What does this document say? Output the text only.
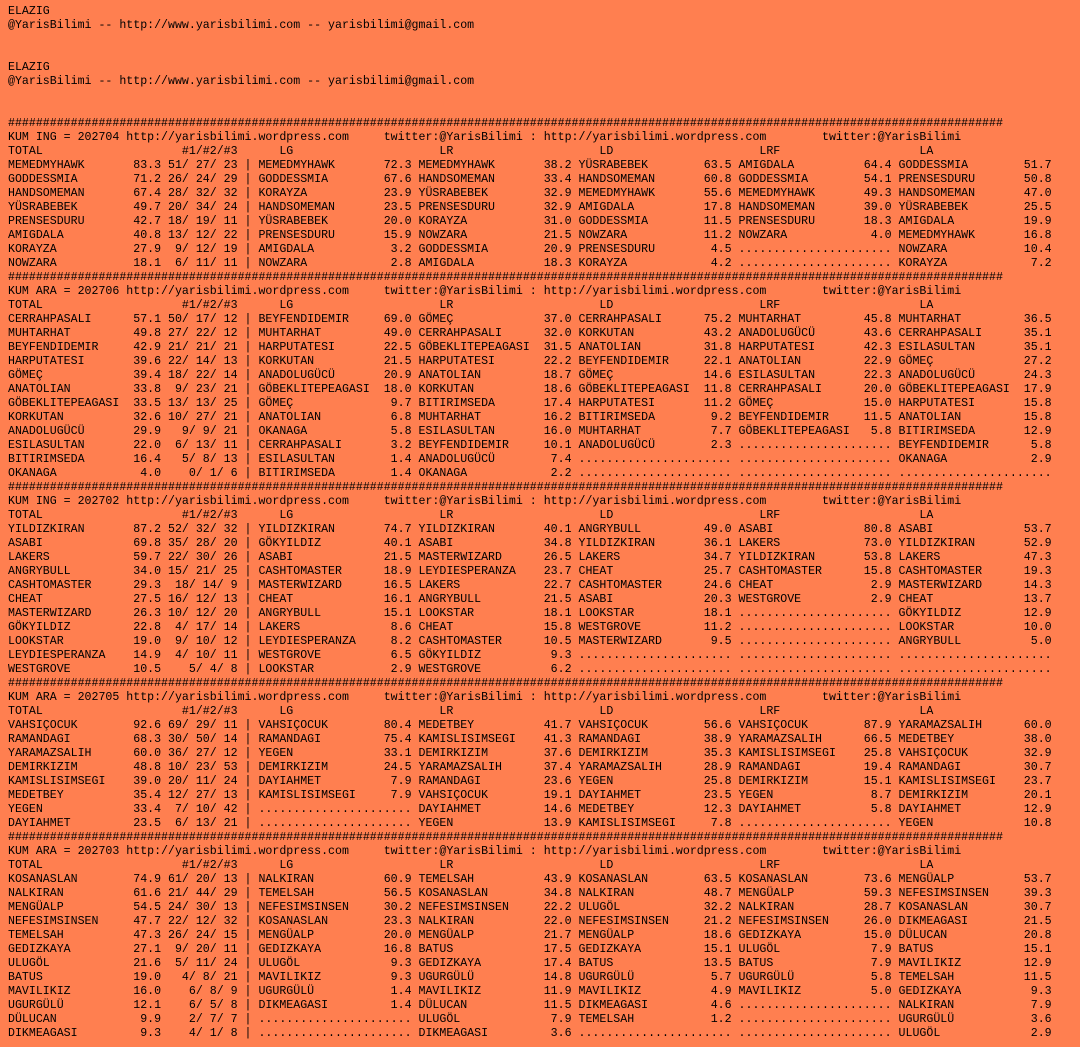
ELAZIG
@YarisBilimi -- http://www.yarisbilimi.com -- yarisbilimi@gmail.com

ELAZIG
@YarisBilimi -- http://www.yarisbilimi.com -- yarisbilimi@gmail.com

###############################################################################################################################################
KUM ING = 202704 http://yarisbilimi.wordpress.com     twitter:@YarisBilimi : http://yarisbilimi.wordpress.com        twitter:@YarisBilimi
TOTAL                    #1/#2/#3      LG                     LR                     LD                     LRF                    LA
MEMEDMYHAWK       83.3 51/ 27/ 23 | MEMEDMYHAWK       72.3 MEMEDMYHAWK       38.2 YÜSRABEBEK        63.5 AMIGDALA          64.4 GODDESSMIA        51.7
GODDESSMIA        71.2 26/ 24/ 29 | GODDESSMIA        67.6 HANDSOMEMAN       33.4 HANDSOMEMAN       60.8 GODDESSMIA        54.1 PRENSESDURU       50.8
HANDSOMEMAN       67.4 28/ 32/ 32 | KORAYZA           23.9 YÜSRABEBEK        32.9 MEMEDMYHAWK       55.6 MEMEDMYHAWK       49.3 HANDSOMEMAN       47.0
YÜSRABEBEK        49.7 20/ 34/ 24 | HANDSOMEMAN       23.5 PRENSESDURU       32.9 AMIGDALA          17.8 HANDSOMEMAN       39.0 YÜSRABEBEK        25.5
PRENSESDURU       42.7 18/ 19/ 11 | YÜSRABEBEK        20.0 KORAYZA           31.0 GODDESSMIA        11.5 PRENSESDURU       18.3 AMIGDALA          19.9
AMIGDALA          40.8 13/ 12/ 22 | PRENSESDURU       15.9 NOWZARA           21.5 NOWZARA           11.2 NOWZARA            4.0 MEMEDMYHAWK       16.8
KORAYZA           27.9  9/ 12/ 19 | AMIGDALA           3.2 GODDESSMIA        20.9 PRENSESDURU        4.5 ...................... NOWZARA           10.4
NOWZARA           18.1  6/ 11/ 11 | NOWZARA            2.8 AMIGDALA          18.3 KORAYZA            4.2 ...................... KORAYZA            7.2
###############################################################################################################################################
KUM ARA = 202706 http://yarisbilimi.wordpress.com     twitter:@YarisBilimi : http://yarisbilimi.wordpress.com        twitter:@YarisBilimi
TOTAL                    #1/#2/#3      LG                     LR                     LD                     LRF                    LA
CERRAHPASALI      57.1 50/ 17/ 12 | BEYFENDIDEMIR     69.0 GÖMEÇ             37.0 CERRAHPASALI      75.2 MUHTARHAT         45.8 MUHTARHAT         36.5
MUHTARHAT         49.8 27/ 22/ 12 | MUHTARHAT         49.0 CERRAHPASALI      32.0 KORKUTAN          43.2 ANADOLUGÜCÜ       43.6 CERRAHPASALI      35.1
BEYFENDIDEMIR     42.9 21/ 21/ 21 | HARPUTATESI       22.5 GÖBEKLITEPEAGASI  31.5 ANATOLIAN         31.8 HARPUTATESI       42.3 ESILASULTAN       35.1
HARPUTATESI       39.6 22/ 14/ 13 | KORKUTAN          21.5 HARPUTATESI       22.2 BEYFENDIDEMIR     22.1 ANATOLIAN         22.9 GÖMEÇ             27.2
GÖMEÇ             39.4 18/ 22/ 14 | ANADOLUGÜCÜ       20.9 ANATOLIAN         18.7 GÖMEÇ             14.6 ESILASULTAN       22.3 ANADOLUGÜCÜ       24.3
ANATOLIAN         33.8  9/ 23/ 21 | GÖBEKLITEPEAGASI  18.0 KORKUTAN          18.6 GÖBEKLITEPEAGASI  11.8 CERRAHPASALI      20.0 GÖBEKLITEPEAGASI  17.9
GÖBEKLITEPEAGASI  33.5 13/ 13/ 25 | GÖMEÇ              9.7 BITIRIMSEDA       17.4 HARPUTATESI       11.2 GÖMEÇ             15.0 HARPUTATESI       15.8
KORKUTAN          32.6 10/ 27/ 21 | ANATOLIAN          6.8 MUHTARHAT         16.2 BITIRIMSEDA        9.2 BEYFENDIDEMIR     11.5 ANATOLIAN         15.8
ANADOLUGÜCÜ       29.9   9/ 9/ 21 | OKANAGA            5.8 ESILASULTAN       16.0 MUHTARHAT          7.7 GÖBEKLITEPEAGASI   5.8 BITIRIMSEDA       12.9
ESILASULTAN       22.0  6/ 13/ 11 | CERRAHPASALI       3.2 BEYFENDIDEMIR     10.1 ANADOLUGÜCÜ        2.3 ...................... BEYFENDIDEMIR      5.8
BITIRIMSEDA       16.4   5/ 8/ 13 | ESILASULTAN        1.4 ANADOLUGÜCÜ        7.4 ...................... ...................... OKANAGA            2.9
OKANAGA            4.0    0/ 1/ 6 | BITIRIMSEDA        1.4 OKANAGA            2.2 ...................... ...................... ......................
###############################################################################################################################################
KUM ING = 202702 http://yarisbilimi.wordpress.com     twitter:@YarisBilimi : http://yarisbilimi.wordpress.com        twitter:@YarisBilimi
TOTAL                    #1/#2/#3      LG                     LR                     LD                     LRF                    LA
YILDIZKIRAN       87.2 52/ 32/ 32 | YILDIZKIRAN       74.7 YILDIZKIRAN       40.1 ANGRYBULL         49.0 ASABI             80.8 ASABI             53.7
ASABI             69.8 35/ 28/ 20 | GÖKYILDIZ         40.1 ASABI             34.8 YILDIZKIRAN       36.1 LAKERS            73.0 YILDIZKIRAN       52.9
LAKERS            59.7 22/ 30/ 26 | ASABI             21.5 MASTERWIZARD      26.5 LAKERS            34.7 YILDIZKIRAN       53.8 LAKERS            47.3
ANGRYBULL         34.0 15/ 21/ 25 | CASHTOMASTER      18.9 LEYDIESPERANZA    23.7 CHEAT             25.7 CASHTOMASTER      15.8 CASHTOMASTER      19.3
CASHTOMASTER      29.3  18/ 14/ 9 | MASTERWIZARD      16.5 LAKERS            22.7 CASHTOMASTER      24.6 CHEAT              2.9 MASTERWIZARD      14.3
CHEAT             27.5 16/ 12/ 13 | CHEAT             16.1 ANGRYBULL         21.5 ASABI             20.3 WESTGROVE          2.9 CHEAT             13.7
MASTERWIZARD      26.3 10/ 12/ 20 | ANGRYBULL         15.1 LOOKSTAR          18.1 LOOKSTAR          18.1 ...................... GÖKYILDIZ         12.9
GÖKYILDIZ         22.8  4/ 17/ 14 | LAKERS             8.6 CHEAT             15.8 WESTGROVE         11.2 ...................... LOOKSTAR          10.0
LOOKSTAR          19.0  9/ 10/ 12 | LEYDIESPERANZA     8.2 CASHTOMASTER      10.5 MASTERWIZARD       9.5 ...................... ANGRYBULL          5.0
LEYDIESPERANZA    14.9  4/ 10/ 11 | WESTGROVE          6.5 GÖKYILDIZ          9.3 ...................... ...................... ......................
WESTGROVE         10.5    5/ 4/ 8 | LOOKSTAR           2.9 WESTGROVE          6.2 ...................... ...................... ......................
###############################################################################################################################################
KUM ARA = 202705 http://yarisbilimi.wordpress.com     twitter:@YarisBilimi : http://yarisbilimi.wordpress.com        twitter:@YarisBilimi
TOTAL                    #1/#2/#3      LG                     LR                     LD                     LRF                    LA
VAHSIÇOCUK        92.6 69/ 29/ 11 | VAHSIÇOCUK        80.4 MEDETBEY          41.7 VAHSIÇOCUK        56.6 VAHSIÇOCUK        87.9 YARAMAZSALIH      60.0
RAMANDAGI         68.3 30/ 50/ 14 | RAMANDAGI         75.4 KAMISLISIMSEGI    41.3 RAMANDAGI         38.9 YARAMAZSALIH      66.5 MEDETBEY          38.0
YARAMAZSALIH      60.0 36/ 27/ 12 | YEGEN             33.1 DEMIRKIZIM        37.6 DEMIRKIZIM        35.3 KAMISLISIMSEGI    25.8 VAHSIÇOCUK        32.9
DEMIRKIZIM        48.8 10/ 23/ 53 | DEMIRKIZIM        24.5 YARAMAZSALIH      37.4 YARAMAZSALIH      28.9 RAMANDAGI         19.4 RAMANDAGI         30.7
KAMISLISIMSEGI    39.0 20/ 11/ 24 | DAYIAHMET          7.9 RAMANDAGI         23.6 YEGEN             25.8 DEMIRKIZIM        15.1 KAMISLISIMSEGI    23.7
MEDETBEY          35.4 12/ 27/ 13 | KAMISLISIMSEGI     7.9 VAHSIÇOCUK        19.1 DAYIAHMET         23.5 YEGEN              8.7 DEMIRKIZIM        20.1
YEGEN             33.4  7/ 10/ 42 | ...................... DAYIAHMET         14.6 MEDETBEY          12.3 DAYIAHMET          5.8 DAYIAHMET         12.9
DAYIAHMET         23.5  6/ 13/ 21 | ...................... YEGEN             13.9 KAMISLISIMSEGI     7.8 ...................... YEGEN             10.8
###############################################################################################################################################
KUM ARA = 202703 http://yarisbilimi.wordpress.com     twitter:@YarisBilimi : http://yarisbilimi.wordpress.com        twitter:@YarisBilimi
TOTAL                    #1/#2/#3      LG                     LR                     LD                     LRF                    LA
KOSANASLAN        74.9 61/ 20/ 13 | NALKIRAN          60.9 TEMELSAH          43.9 KOSANASLAN        63.5 KOSANASLAN        73.6 MENGÜALP          53.7
NALKIRAN          61.6 21/ 44/ 29 | TEMELSAH          56.5 KOSANASLAN        34.8 NALKIRAN          48.7 MENGÜALP          59.3 NEFESIMSINSEN     39.3
MENGÜALP          54.5 24/ 30/ 13 | NEFESIMSINSEN     30.2 NEFESIMSINSEN     22.2 ULUGÖL            32.2 NALKIRAN          28.7 KOSANASLAN        30.7
NEFESIMSINSEN     47.7 22/ 12/ 32 | KOSANASLAN        23.3 NALKIRAN          22.0 NEFESIMSINSEN     21.2 NEFESIMSINSEN     26.0 DIKMEAGASI        21.5
TEMELSAH          47.3 26/ 24/ 15 | MENGÜALP          20.0 MENGÜALP          21.7 MENGÜALP          18.6 GEDIZKAYA         15.0 DÜLUCAN           20.8
GEDIZKAYA         27.1  9/ 20/ 11 | GEDIZKAYA         16.8 BATUS             17.5 GEDIZKAYA         15.1 ULUGÖL             7.9 BATUS             15.1
ULUGÖL            21.6  5/ 11/ 24 | ULUGÖL             9.3 GEDIZKAYA         17.4 BATUS             13.5 BATUS              7.9 MAVILIKIZ         12.9
BATUS             19.0   4/ 8/ 21 | MAVILIKIZ          9.3 UGURGÜLÜ          14.8 UGURGÜLÜ           5.7 UGURGÜLÜ           5.8 TEMELSAH          11.5
MAVILIKIZ         16.0    6/ 8/ 9 | UGURGÜLÜ           1.4 MAVILIKIZ         11.9 MAVILIKIZ          4.9 MAVILIKIZ          5.0 GEDIZKAYA          9.3
UGURGÜLÜ          12.1    6/ 5/ 8 | DIKMEAGASI         1.4 DÜLUCAN           11.5 DIKMEAGASI         4.6 ...................... NALKIRAN           7.9
DÜLUCAN            9.9    2/ 7/ 7 | ...................... ULUGÖL             7.9 TEMELSAH           1.2 ...................... UGURGÜLÜ           3.6
DIKMEAGASI         9.3    4/ 1/ 8 | ...................... DIKMEAGASI         3.6 ...................... ...................... ULUGÖL             2.9
